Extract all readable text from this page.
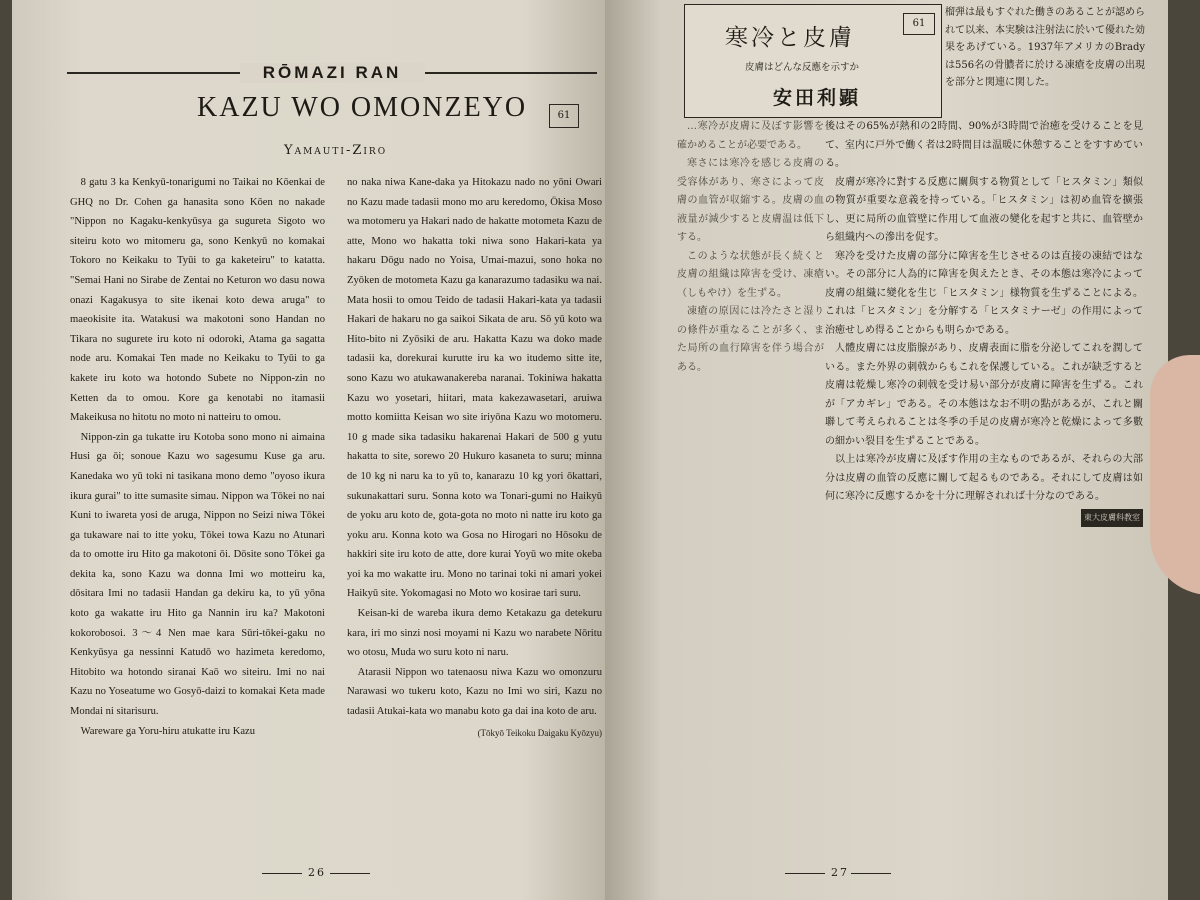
RŌMAZI RAN
KAZU WO OMONZEYO	61
Yamauti-Ziro

8 gatu 3 ka Kenkyū-tonarigumi no Taikai no Kōenkai de GHQ no Dr. Cohen ga hanasita sono Kōen no nakade "Nippon no Kagaku-kenkyūsya ga sugureta Sigoto wo siteiru koto wo mitomeru ga, sono Kenkyū no komakai Tokoro no Keikaku to Tyūi to ga kaketeiru" to katatta. "Semai Hani no Sirabe de Zentai no Keturon wo dasu nowa onazi Kagakusya to site ikenai koto dewa aruga" to maeokisite ita. Watakusi wa makotoni sono Handan no Tikara no sugurete iru koto ni odoroki, Atama ga sagatta node aru. Komakai Ten made no Keikaku to Tyūi to ga kakete iru koto wa hotondo Subete no Nippon-zin no Ketten da to omou. Kore ga kenotabi no itamasii Makeikusa no hitotu no moto ni natteiru to omou.

Nippon-zin ga tukatte iru Kotoba sono mono ni aimaina Husi ga ōi; sonoue Kazu wo sagesumu Kuse ga aru. Kanedaka wo yū toki ni tasikana mono demo "oyoso ikura ikura gurai" to itte sumasite simau. Nippon wa Tōkei no nai Kuni to iwareta yosi de aruga, Nippon no Seizi niwa Tōkei ga tukaware nai to itte yoku, Tōkei towa Kazu no Atunari da to omotte iru Hito ga makotoni ōi. Dōsite sono Tōkei ga dekita ka, sono Kazu wa donna Imi wo motteiru ka, dōsitara Imi no tadasii Handan ga dekiru ka, to yū yōna koto ga wakatte iru Hito ga Nannin iru ka? Makotoni kokorobosoi. 3～4 Nen mae kara Sūri-tōkei-gaku no Kenkyūsya ga nessinni Katudō wo hazimeta keredomo, Hitobito wa hotondo siranai Kaō wo siteiru. Imi no nai Kazu no Yoseatume wo Gosyō-daizi to komakai Keta made Mondai ni sitarisuru.

Wareware ga Yoru-hiru atukatte iru Kazu

no naka niwa Kane-daka ya Hitokazu nado no yōni Owari no Kazu made tadasii mono mo aru keredomo, Ökisa Moso wa motomeru ya Hakari nado de hakatte motometa Kazu de atte, Mono wo hakatta toki niwa sono Hakari-kata ya hakaru Dōgu nado no Yoisa, Umai-mazui, sono hoka no Zyōken de motometa Kazu ga kanarazumo tadasiku wa nai. Mata hosii to omou Teido de tadasii Hakari-kata ya tadasii Hakari de hakaru no ga saikoi Sikata de aru. Sō yū koto wa Hito-bito ni Zyōsiki de aru. Hakatta Kazu wa doko made tadasii ka, dorekurai kurutte iru ka wo itudemo sitte ite, sono Kazu wo atukawanakereba naranai. Tokiniwa hakatta Kazu wo yosetari, hiitari, mata kakezawasetari, aruiwa motto komiitta Keisan wo site iriyōna Kazu wo motomeru. 10 g made sika tadasiku hakarenai Hakari de 500 g yutu hakatta to site, sorewo 20 Hukuro kasaneta to suru; minna de 10 kg ni naru ka to yū to, kanarazu 10 kg yori ōkattari, sukunakattari suru. Sonna koto wa Tonari-gumi no Haikyū de yoku aru koto de, gota-gota no moto ni natte iru koto ga yoku aru. Konna koto wa Gosa no Hirogari no Hōsoku de hakkiri site iru koto de atte, dore kurai Yoyū wo mite okeba yoi ka mo wakatte iru. Mono no tarinai toki ni amari yokei Haikyū site. Yokomagasi no Moto wo kosirae tari suru.

Keisan-ki de wareba ikura demo Ketakazu ga detekuru kara, iri mo sinzi nosi moyami ni Kazu wo narabete Nōritu wo otosu, Muda wo suru koto ni naru.

Atarasii Nippon wo tatenaosu niwa Kazu wo omonzuru Narawasi wo tukeru koto, Kazu no Imi wo siri, Kazu no tadasii Atukai-kata wo manabu koto ga dai ina koto de aru.

(Tōkyō Teikoku Daigaku Kyōzyu)
26
寒冷と皮膚
61
皮膚はどんな反應を示すか
安田利顕

榴弾は最もすぐれた働きのあることが認められて以来、本実験は注射法に於いて優れた効果をあげている。1937年アメリカのBrady は556名の骨膿者に於ける凍瘡を皮膚の出現を部分と関連に関した。

…寒冷が皮膚に及ぼす影響を確かめることが必要である。

寒さには寒冷を感じる皮膚の受容体があり、寒さによって皮膚の血管が収縮する。皮膚の血液量が減少すると皮膚温は低下する。

このような状態が長く続くと皮膚の組織は障害を受け、凍瘡（しもやけ）を生ずる。

凍瘡の原因には冷たさと湿りの條件が重なることが多く、また局所の血行障害を伴う場合がある。

後はその65%が熱和の2時間、90%が3時間で治癒を受けることを見て、室内に戸外で働く者は2時間目は温暖に休憩することをすすめている。

皮膚が寒冷に對する反應に關與する物質として「ヒスタミン」類似の物質が重要な意義を持っている。「ヒスタミン」は初め血管を擴張し、更に局所の血管壁に作用して血液の變化を起すと共に、血管壁から組織内への滲出を促す。

寒冷を受けた皮膚の部分に障害を生じさせるのは直接の凍結ではない。その部分に人為的に障害を與えたとき、その本態は寒冷によって皮膚の組織に變化を生じ「ヒスタミン」様物質を生ずることによる。これは「ヒスタミン」を分解する「ヒスタミナーゼ」の作用によって治癒せしめ得ることからも明らかである。

人體皮膚には皮脂腺があり、皮膚表面に脂を分泌してこれを潤している。また外界の刺戟からもこれを保護している。これが缺乏すると皮膚は乾燥し寒冷の刺戟を受け易い部分が皮膚に障害を生ずる。これが「アカギレ」である。その本態はなお不明の點があるが、これと關聯して考えられることは冬季の手足の皮膚が寒冷と乾燥によって多數の細かい裂目を生ずることである。

以上は寒冷が皮膚に及ぼす作用の主なものであるが、それらの大部分は皮膚の血管の反應に關して起るものである。それにして皮膚は如何に寒冷に反應するかを十分に理解されれば十分なのである。

東大皮膚科教室
27
